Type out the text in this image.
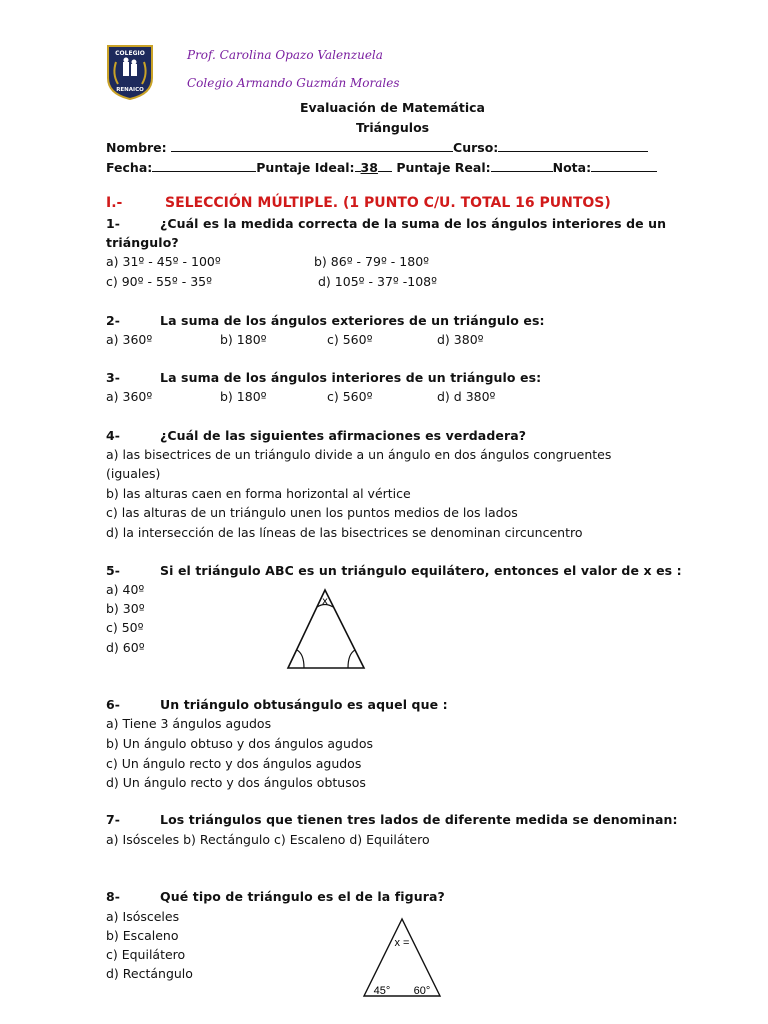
COLEGIO
RENAICO
Prof. Carolina Opazo Valenzuela
Colegio Armando Guzmán Morales
Evaluación de Matemática
Triángulos
Nombre:	Curso:
Fecha:	Puntaje Ideal: 38 Puntaje Real:	Nota:
I.-	SELECCIÓN MÚLTIPLE. (1 PUNTO C/U. TOTAL 16 PUNTOS)
1-	¿Cuál es la medida correcta de la suma de los ángulos interiores de un
triángulo?
a) 31º - 45º - 100º	b) 86º - 79º - 180º
c) 90º - 55º - 35º	d) 105º - 37º -108º
2-	La suma de los ángulos exteriores de un triángulo es:
a) 360º	b) 180º	c) 560º	d) 380º
3-	La suma de los ángulos interiores de un triángulo es:
a) 360º	b) 180º	c) 560º	d) d 380º
4-	¿Cuál de las siguientes afirmaciones es verdadera?
a) las bisectrices de un triángulo divide a un ángulo en dos ángulos congruentes
(iguales)
b) las alturas caen en forma horizontal al vértice
c) las alturas de un triángulo unen los puntos medios de los lados
d) la intersección de las líneas de las bisectrices se denominan circuncentro
5-	Si el triángulo ABC es un triángulo equilátero, entonces el valor de x es :
a) 40º
b) 30º
c) 50º
d) 60º
x
6-	Un triángulo obtusángulo es aquel que :
a) Tiene 3 ángulos agudos
b) Un ángulo obtuso y dos ángulos agudos
c) Un ángulo recto y dos ángulos agudos
d) Un ángulo recto y dos ángulos obtusos
7-	Los triángulos que tienen tres lados de diferente medida se denominan:
a) Isósceles b) Rectángulo c) Escaleno d) Equilátero
8-	Qué tipo de triángulo es el de la figura?
a) Isósceles
b) Escaleno
c) Equilátero
d) Rectángulo
x =
45° 60°
